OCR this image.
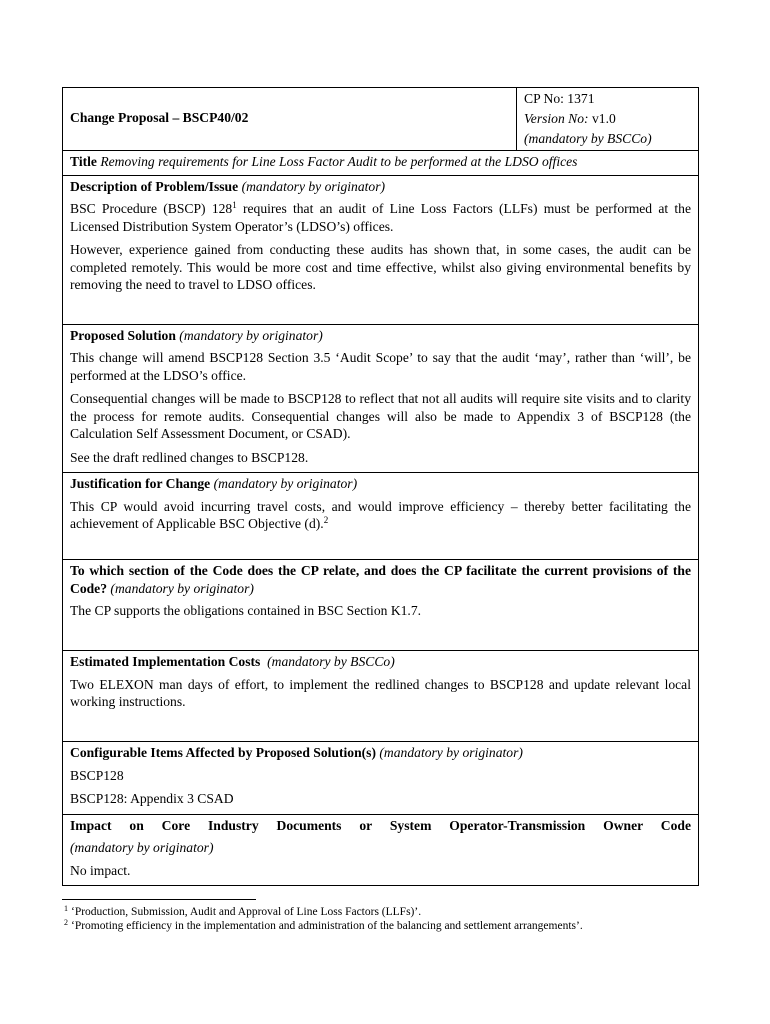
Change Proposal – BSCP40/02	
CP No: 1371
Version No: v1.0
(mandatory by BSCCo)

Title Removing requirements for Line Loss Factor Audit to be performed at the LDSO offices

Description of Problem/Issue (mandatory by originator)

BSC Procedure (BSCP) $128^1$ requires that an audit of Line Loss Factors (LLFs) must be performed at the Licensed Distribution System Operator’s (LDSO’s) offices.

However, experience gained from conducting these audits has shown that, in some cases, the audit can be completed remotely. This would be more cost and time effective, whilst also giving environmental benefits by removing the need to travel to LDSO offices.

Proposed Solution (mandatory by originator)

This change will amend BSCP128 Section 3.5 ‘Audit Scope’ to say that the audit ‘may’, rather than ‘will’, be performed at the LDSO’s office.

Consequential changes will be made to BSCP128 to reflect that not all audits will require site visits and to clarity the process for remote audits. Consequential changes will also be made to Appendix 3 of BSCP128 (the Calculation Self Assessment Document, or CSAD).

See the draft redlined changes to BSCP128.

Justification for Change (mandatory by originator)

This CP would avoid incurring travel costs, and would improve efficiency – thereby better facilitating the achievement of Applicable BSC Objective (d).$^2$

To which section of the Code does the CP relate, and does the CP facilitate the current provisions of the Code? (mandatory by originator)

The CP supports the obligations contained in BSC Section K1.7.

Estimated Implementation Costs (mandatory by BSCCo)

Two ELEXON man days of effort, to implement the redlined changes to BSCP128 and update relevant local working instructions.

Configurable Items Affected by Proposed Solution(s) (mandatory by originator)

BSCP128

BSCP128: Appendix 3 CSAD

Impact on Core Industry Documents or System Operator-Transmission Owner Code
(mandatory by originator)

No impact.

$^1$ ‘Production, Submission, Audit and Approval of Line Loss Factors (LLFs)’.
$^2$ ‘Promoting efficiency in the implementation and administration of the balancing and settlement arrangements’.
